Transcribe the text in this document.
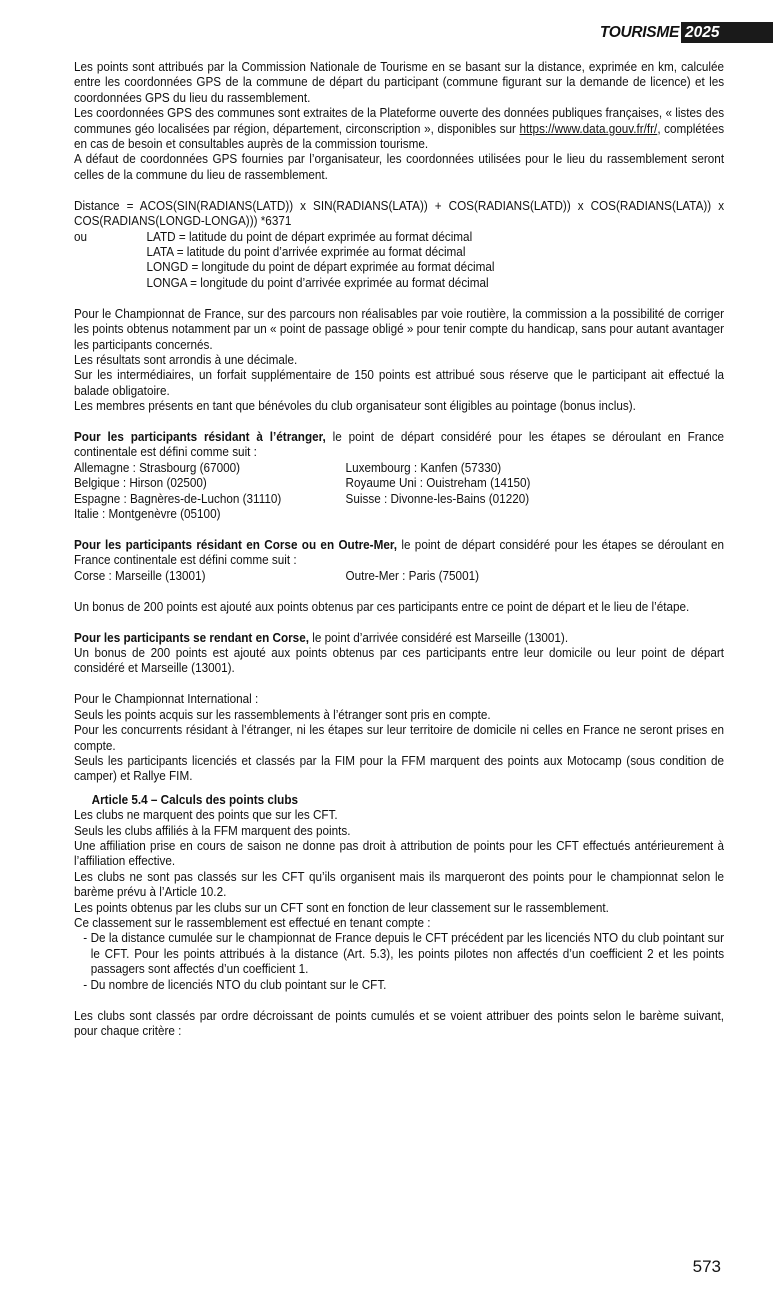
TOURISME 2025

Les points sont attribués par la Commission Nationale de Tourisme en se basant sur la distance, exprimée en km, calculée entre les coordonnées GPS de la commune de départ du participant (commune figurant sur la demande de licence) et les coordonnées GPS du lieu du rassemblement.

Les coordonnées GPS des communes sont extraites de la Plateforme ouverte des données publiques françaises, « listes des communes géo localisées par région, département, circonscription », disponibles sur https://www.data.gouv.fr/fr/, complétées en cas de besoin et consultables auprès de la commission tourisme.

A défaut de coordonnées GPS fournies par l’organisateur, les coordonnées utilisées pour le lieu du rassemblement seront celles de la commune du lieu de rassemblement.

Distance = ACOS(SIN(RADIANS(LATD)) x SIN(RADIANS(LATA)) + COS(RADIANS(LATD)) x COS(RADIANS(LATA)) x COS(RADIANS(LONGD-LONGA))) *6371

ou	LATD = latitude du point de départ exprimée au format décimal
LATA = latitude du point d’arrivée exprimée au format décimal
LONGD = longitude du point de départ exprimée au format décimal
LONGA = longitude du point d’arrivée exprimée au format décimal

Pour le Championnat de France, sur des parcours non réalisables par voie routière, la commission a la possibilité de corriger les points obtenus notamment par un « point de passage obligé » pour tenir compte du handicap, sans pour autant avantager les participants concernés.

Les résultats sont arrondis à une décimale.

Sur les intermédiaires, un forfait supplémentaire de 150 points est attribué sous réserve que le participant ait effectué la balade obligatoire.

Les membres présents en tant que bénévoles du club organisateur sont éligibles au pointage (bonus inclus).

Pour les participants résidant à l’étranger, le point de départ considéré pour les étapes se déroulant en France continentale est défini comme suit :

Allemagne : Strasbourg (67000)	Luxembourg : Kanfen (57330)
Belgique : Hirson (02500)	Royaume Uni : Ouistreham (14150)
Espagne : Bagnères-de-Luchon (31110)	Suisse : Divonne-les-Bains (01220)
Italie : Montgenèvre (05100)

Pour les participants résidant en Corse ou en Outre-Mer, le point de départ considéré pour les étapes se déroulant en France continentale est défini comme suit :

Corse : Marseille (13001)	Outre-Mer : Paris (75001)

Un bonus de 200 points est ajouté aux points obtenus par ces participants entre ce point de départ et le lieu de l’étape.

Pour les participants se rendant en Corse, le point d’arrivée considéré est Marseille (13001).

Un bonus de 200 points est ajouté aux points obtenus par ces participants entre leur domicile ou leur point de départ considéré et Marseille (13001).

Pour le Championnat International :

Seuls les points acquis sur les rassemblements à l’étranger sont pris en compte.

Pour les concurrents résidant à l’étranger, ni les étapes sur leur territoire de domicile ni celles en France ne seront prises en compte.

Seuls les participants licenciés et classés par la FIM pour la FFM marquent des points aux Motocamp (sous condition de camper) et Rallye FIM.

Article 5.4 – Calculs des points clubs

Les clubs ne marquent des points que sur les CFT.

Seuls les clubs affiliés à la FFM marquent des points.

Une affiliation prise en cours de saison ne donne pas droit à attribution de points pour les CFT effectués antérieurement à l’affiliation effective.

Les clubs ne sont pas classés sur les CFT qu’ils organisent mais ils marqueront des points pour le championnat selon le barème prévu à l’Article 10.2.

Les points obtenus par les clubs sur un CFT sont en fonction de leur classement sur le rassemblement.

Ce classement sur le rassemblement est effectué en tenant compte :

- De la distance cumulée sur le championnat de France depuis le CFT précédent par les licenciés NTO du club pointant sur le CFT. Pour les points attribués à la distance (Art. 5.3), les points pilotes non affectés d’un coefficient 2 et les points passagers sont affectés d’un coefficient 1.

- Du nombre de licenciés NTO du club pointant sur le CFT.

Les clubs sont classés par ordre décroissant de points cumulés et se voient attribuer des points selon le barème suivant, pour chaque critère :

573
